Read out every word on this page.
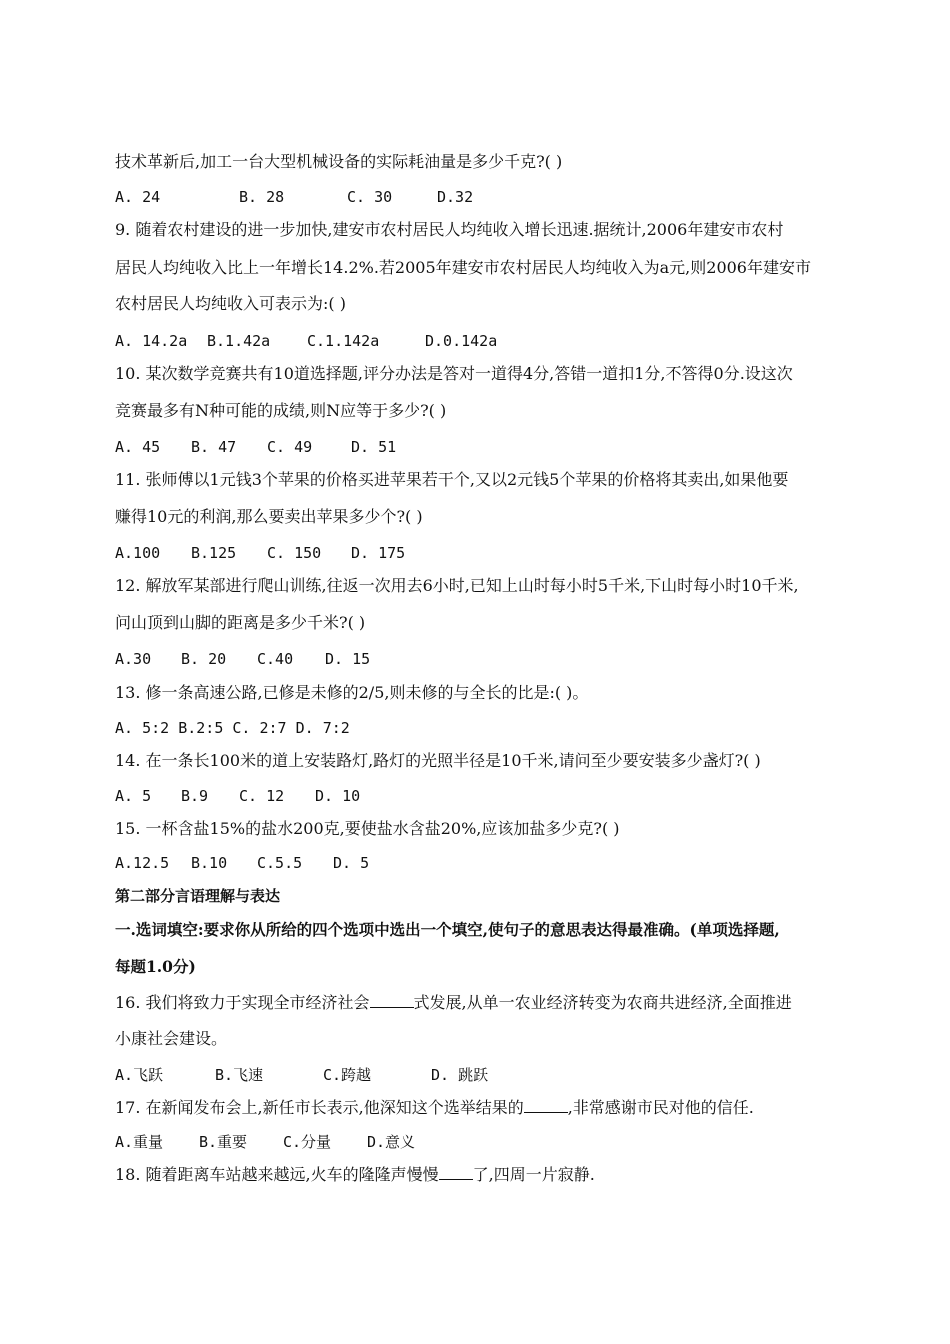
技术革新后,加工一台大型机械设备的实际耗油量是多少千克?( )
A. 24	B. 28	C. 30	D.32
9. 随着农村建设的进一步加快,建安市农村居民人均纯收入增长迅速.据统计,2006年建安市农村
居民人均纯收入比上一年增长14.2%.若2005年建安市农村居民人均纯收入为a元,则2006年建安市
农村居民人均纯收入可表示为:( )
A. 14.2a B.1.42a C.1.142a	D.0.142a
10. 某次数学竞赛共有10道选择题,评分办法是答对一道得4分,答错一道扣1分,不答得0分.设这次
竞赛最多有N种可能的成绩,则N应等于多少?( )
A. 45 B. 47 C. 49	D. 51
11. 张师傅以1元钱3个苹果的价格买进苹果若干个,又以2元钱5个苹果的价格将其卖出,如果他要
赚得10元的利润,那么要卖出苹果多少个?( )
A.100 B.125 C. 150 D. 175
12. 解放军某部进行爬山训练,往返一次用去6小时,已知上山时每小时5千米,下山时每小时10千米,
问山顶到山脚的距离是多少千米?( )
A.30 B. 20 C.40 D. 15
13. 修一条高速公路,已修是未修的2/5,则未修的与全长的比是:( )。
A. 5:2 B.2:5 C. 2:7 D. 7:2
14. 在一条长100米的道上安装路灯,路灯的光照半径是10千米,请问至少要安装多少盏灯?( )
A. 5 B.9 C. 12 D. 10
15. 一杯含盐15%的盐水200克,要使盐水含盐20%,应该加盐多少克?( )
A.12.5 B.10 C.5.5 D. 5
第二部分言语理解与表达
一.选词填空:要求你从所给的四个选项中选出一个填空,使句子的意思表达得最准确。(单项选择题,
每题1.0分)
16. 我们将致力于实现全市经济社会	式发展,从单一农业经济转变为农商共进经济,全面推进
小康社会建设。
A.飞跃	B.飞速	C.跨越	D. 跳跃
17. 在新闻发布会上,新任市长表示,他深知这个选举结果的	,非常感谢市民对他的信任.
A.重量 B.重要 C.分量 D.意义
18. 随着距离车站越来越远,火车的隆隆声慢慢 了,四周一片寂静.
